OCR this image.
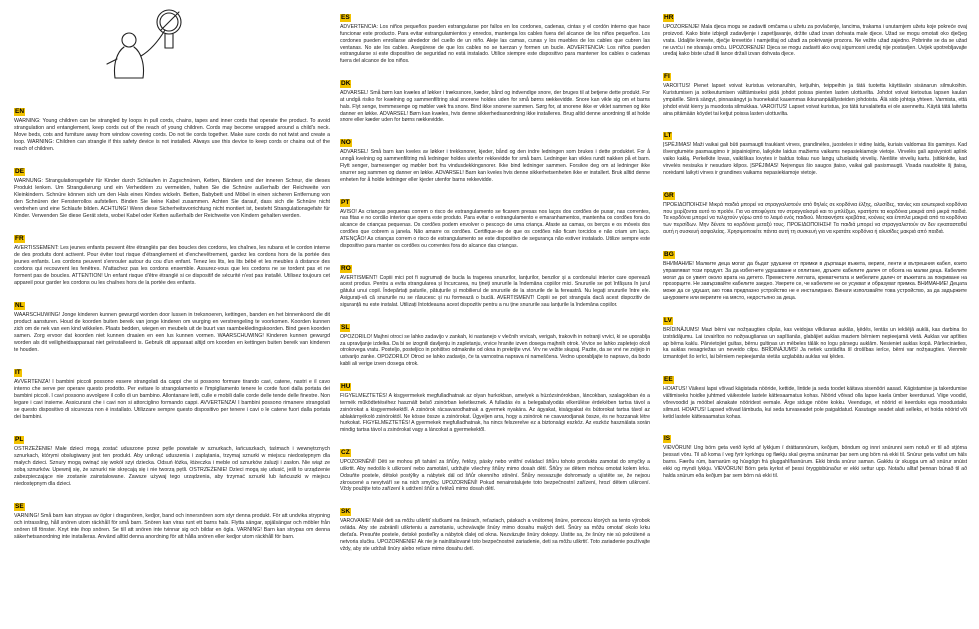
EN

WARNING: Young children can be strangled by loops in pull cords, chains, tapes and inner cords that operate the product. To avoid strangulation and entanglement, keep cords out of the reach of young children. Cords may become wrapped around a child's neck. Move beds, cots and furniture away from window covering cords. Do not tie cords together. Make sure cords do not twist and create a loop. WARNING: Children can strangle if this safety device is not installed. Always use this device to keep cords or chains out of the reach of children.

DE

WARNUNG: Strangulationsgefahr für Kinder durch Schlaufen in Zugschnüren, Ketten, Bändern und der inneren Schnur, die dieses Produkt lenken. Um Strangulierung und ein Verheddern zu vermeiden, halten Sie die Schnüre außerhalb der Reichweite von Kleinkindern. Schnüre können sich um den Hals eines Kindes wickeln. Betten, Babybett und Möbel in einen sicheren Entfernung von den Schnüren der Fensterrollos aufstellen. Binden Sie keine Kabel zusammen. Achten Sie darauf, dass sich die Schnüre nicht verdrehen und eine Schlaufe bilden. ACHTUNG! Wenn diese Sicherheitsvorrichtung nicht montiert ist, besteht Strangulationsgefahr für Kinder. Verwenden Sie diese Gerät stets, wobei Kabel oder Ketten außerhalb der Reichweite von Kindern gehalten werden.

FR

AVERTISSEMENT: Les jeunes enfants peuvent être étranglés par des boucles des cordons, les chaînes, les rubans et le cordon interne de des produits dont activent. Pour éviter tout risque d'étranglement et d'enchevêtrement, gardez les cordons hors de la portée des jeunes enfants. Les cordons peuvent s'enrouler autour du cou d'un enfant. Tenez les lits, les lits bébé et les meubles à distance des cordons qui recouvrent les fenêtres. N'attachez pas les cordons ensemble. Assurez-vous que les cordons ne se tordent pas et ne forment pas de boucles. ATTENTION! Un enfant risque d'être étranglé si ce dispositif de sécurité n'est pas installé. Utilisez toujours cet appareil pour garder les cordons ou les chaînes hors de la portée des enfants.

NL

WAARSCHUWING! Jonge kinderen kunnen gewurgd worden door lussen in treksnoeren, kettingen, banden en het binnenkoord die dit product aansturen. Houd de koorden buiten bereik van jonge kinderen om wurging en verstrengeling te voorkomen. Koorden kunnen zich om de nek van een kind wikkelen. Plaats bedden, wiegen en meubels uit de buurt van raambekledingskoorden. Bind geen koorden samen. Zorg ervoor dat koorden niet kunnen draaien en een lus kunnen vormen. WAARSCHUWING! Kinderen kunnen gewurgd worden als dit veiligheidsapparaat niet geïnstalleerd is. Gebruik dit apparaat altijd om koorden en kettingen buiten bereik van kinderen te houden.

IT

AVVERTENZA! I bambini piccoli possono essere strangolati da cappi che si possono formare tirando cavi, catene, nastri e il cavo interno che serve per operare questo prodotto. Per evitare lo strangolamento e l'impigliamento tenere le corde fuori dalla portata dei bambini piccoli. I cavi possono avvolgere il collo di un bambino. Allontanare letti, culle e mobili dalle corde delle tende delle finestre. Non legare i cavi insieme. Assicurarsi che i cavi non si attorciglino formando cappi. AVVERTENZA! I bambini possono rimanere strangolati se questo dispositivo di sicurezza non è installato. Utilizzare sempre questo dispositivo per tenere i cavi o le catene fuori dalla portata dei bambini.

PL

OSTRZEŻENIE! Małe dzieci mogą zostać uduszone przez pętle powstałe w sznurkach, łańcuszkach, taśmach i wewnętrznych sznurkach, którymi obsługiwany jest ten produkt. Aby uniknąć uduszenia i zaplątania, trzymaj sznurki w miejscu niedostępnym dla małych dzieci. Sznury mogą owinąć się wokół szyi dziecka. Odsuń łóżka, łóżeczka i meble od sznurków żaluzji i zasłon. Nie wiąż ze sobą sznurków. Upewnij się, że sznurki nie skręcają się i nie tworzą pętli. OSTRZEŻENIE! Dzieci mogą się udusić, jeśli to urządzenie zabezpieczające nie zostanie zainstalowane. Zawsze używaj tego urządzenia, aby trzymać sznurki lub łańcuszki w miejscu niedostępnym dla dzieci.

SE

VARNING! Små barn kan strypas av öglor i dragsnören, kedjor, band och innersnören som styr denna produkt. För att undvika strypning och intrassling, håll snören utom räckhåll för små barn. Snören kan viras runt ett barns hals. Flytta sängar, spjälsängar och möbler från snören till fönster. Knyt inte ihop snören. Se till att snören inte tvinnar sig och bildar en ögla. VARNING! Barn kan strypas om denna säkerhetsanordning inte installeras. Använd alltid denna anordning för att hålla snören eller kedjor utom räckhåll för barn.

ES

ADVERTENCIA: Los niños pequeños pueden estrangularse por fallos en los cordones, cadenas, cintas y el cordón interno que hace funcionar este producto. Para evitar estrangulamientos y enredos, mantenga los cables fuera del alcance de los niños pequeños. Los cordones pueden enrollarse alrededor del cuello de un niño. Aleje las camas, cunas y los muebles de los cables que cubren las ventanas. No ate los cables. Asegúrese de que los cables no se tuerzan y formen un bucle. ADVERTENCIA: Los niños pueden estrangularse si este dispositivo de seguridad no está instalado. Utilice siempre este dispositivo para mantener los cables o cadenas fuera del alcance de los niños.

DK

ADVARSEL! Små børn kan kvæles af løkker i trækssnore, kæder, bånd og indvendige snore, der bruges til at betjene dette produkt. For at undgå risiko for kvælning og sammenfiltring skal snorene holdes uden for små børns rækkevidde. Snore kan vikle sig om et barns hals. Flyt senge, tremmesenge og møbler væk fra snore. Bind ikke snorene sammen. Sørg for, at snorene ikke er viklet sammen og ikke danner en løkke. ADVARSEL! Børn kan kvæles, hvis denne sikkerhedsanordning ikke installeres. Brug altid denne anordning til at holde snore eller kæder uden for børns rækkevidde.

NO

ADVARSEL! Små barn kan kveles av løkker i trekksnorer, kjeder, bånd og den indre ledningen som brukes i dette produktet. For å unngå kvelning og sammenfiltring må ledninger holdes utenfor rekkevidde for små barn. Ledninger kan vikles rundt nakken på et barn. Flytt senger, barnesenger og møbler bort fra vindusdekkingsnorer. Ikke bind ledninger sammen. Forsikre deg om at ledninger ikke snurrer seg sammen og danner en løkke. ADVARSEL! Barn kan kveles hvis denne sikkerhetsenheten ikke er installert. Bruk alltid denne enheten for å holde ledninger eller kjeder utenfor barns rekkevidde.

PT

AVISO! As crianças pequenas correm o risco de estrangulamento se ficarem presas nos laços dos cordões de puxar, nas correntes, nas fitas e no cordão interior que opera este produto. Para evitar o estrangulamento e emaranhamentos, mantenha os cordões fora do alcance de crianças pequenas. Os cordões podem envolver o pescoço de uma criança. Afaste as camas, os berços e os móveis dos cordões que cobrem a janela. Não amarre os cordões. Certifique-se de que os cordões não ficam torcidos e não criam um laço. ATENÇÃO! As crianças correm o risco de estrangulamento se este dispositivo de segurança não estiver instalado. Utilize sempre este dispositivo para manter os cordões ou correntes fora do alcance das crianças.

RO

AVERTISMENT! Copiii mici pot fi sugrumați de bucla la tragerea snururilor, lanțurilor, benzilor și a cordonului interior care operează acest produs. Pentru a evita strangularea și încurcarea, nu țineți snururile la îndemâna copiilor mici. Snururile se pot înfășura în jurul gâtului unui copil. Îndepărtați paturile, pătuțurile și mobilierul de snururile de la storurile de la fereastră. Nu legați snururile între ele. Asigurați-vă că snururile nu se răsucesc și nu formează o buclă. AVERTISMENT! Copiii se pot strangula dacă acest dispozitiv de siguranță nu este instalat. Utilizați întotdeauna acest dispozitiv pentru a nu ține snururile sau lanțurile la îndemâna copiilor.

SL

OPOZORILO! Majhni otroci se lahko zadavijo v zankah, ki nastanejo v vlečnih vrvicah, verigah, trakovih in notranji vrvici, ki se uporablja za upravljanje izdelka. Da bi se izognili davljenju in zapletanju, vrvice hranite izven dosega majhnih otrok. Vrvice se lahko zapletejo okoli otrokovega vratu. Posteljo, posteljico in pohištvo odmaknite od okna in prekrijte vrvi. Vrv ne vežite skupaj. Pazite, da se vrvi ne zvijejo in ustvarijo zanke. OPOZORILO! Otroci se lahko zadavijo, če ta varnostna naprava ni nameščena. Vedno uporabljajte to napravo, da bodo kabli ali verige izven dosega otrok.

HU

FIGYELMEZTETÉS! A kisgyermekek megfulladhatnak az olyan hurkokban, amelyek a húzózsinórokban, láncokban, szalagokban és a termék működtetéséhez használt belső zsinórban keletkeznek. A fulladás és a belegabalyodás elkerülése érdekében tartsa távol a zsinórokat a kisgyermekektől. A zsinórok rácsavarodhatnak a gyermek nyakára. Az ágyakat, kiságyakat és bútorokat tartsa távol az ablakárnyékoló zsinóroktól. Ne kösse össze a zsinórokat. Ügyeljen arra, hogy a zsinórok ne csavarodjanak össze, és ne hozzanak létre hurkokat. FIGYELMEZTETÉS! A gyermekek megfulladhatnak, ha nincs felszerelve ez a biztonsági eszköz. Az eszköz használata során mindig tartsa távol a zsinórokat vagy a láncokat a gyermekektől.

CZ

UPOZORNĚNÍ! Děti se mohou při tahání za šňůry, řetězy, pásky nebo vnitřní ovládací šňůru tohoto produktu zamotat do smyčky a uškrtit. Aby nedošlo k uškrcení nebo zamotání, udržujte všechny šňůry mimo dosah dětí. Šňůry se dětem mohou omotat kolem krku. Odsuňte postele, dětské postýlky a nábytek dál od šňůr okenního stínění. Šňůry nesvazujte dohromady a ujistěte se, že nejsou zkroucené a nevytváří se na nich smyčky. UPOZORNĚNÍ! Pokud nenainstalujete toto bezpečnostní zařízení, hrozí dětem uškrcení. Vždy použijte toto zařízení k udržení šňůr a řetězů mimo dosah dětí.

SK

VAROVANIE! Malé deti sa môžu uškrtiť slučkami na šnúrach, reťaziach, páskach a vnútornej šnúre, pomocou ktorých sa tento výrobok ovláda. Aby ste zabránili uškrteniu a zamotaniu, uchovávajte šnúry mimo dosahu malých detí. Šnúry sa môžu omotať okolo krku dieťaťa. Presuňte postele, detské postieľky a nábytok ďalej od okna. Nezväzujte šnúry dokopy. Uistite sa, že šnúry nie sú pokrútené a netvoria slučku. UPOZORNENIE! Ak nie je nainštalované toto bezpečnostné zariadenie, deti sa môžu uškrtiť. Toto zariadenie používajte vždy, aby ste udržali šnúry alebo reťaze mimo dosahu detí.

HR

UPOZORENJE! Mala djeca mogu se zadaviti omčama u užetu za povlačenje, lancima, trakama i unutarnjem užetu koje pokreće ovaj proizvod. Kako biste izbjegli zadavljenje i zapetljavanje, držite užad izvan dohvata male djece. Užad se mogu omotati oko dječjeg vrata. Udaljite krevete, dječje krevetiće i namještaj od užadi za pokrivanje prozora. Ne vežite užad zajedno. Pobrinite se da se užad ne uvrću i ne stvaraju omču. UPOZORENJE! Djeca se mogu zadaviti ako ovaj sigurnosni uređaj nije postavljen. Uvijek upotrebljavajte uređaj kako biste užad ili lance držali izvan dohvata djece.

FI

VAROITUS! Pienet lapset voivat kuristua vetonaruihin, ketjuihin, teippeihin ja tätä tuotetta käyttävän sisänarun silmukoihin. Kuristumisen ja sotkeutumisen välttämiseksi pidä johdot poissa pienten lasten ulottuvilta. Johdot voivat kietoutua lapsen kaulan ympärille. Siirrä sängyt, pinnasängyt ja huonekalut kauemmas ikkunanpäällysteiden johdoista. Älä sido johtoja yhteen. Varmista, että johdot eivät kierry ja muodosta silmukkaa. VAROITUS! Lapset voivat kuristua, jos tätä turvalaitetta ei ole asennettu. Käytä tätä laitetta aina pitämään köydet tai ketjut poissa lasten ulottuvilta.

LT

ĮSPĖJIMAS! Maži vaikai gali būti pasmaugti traukiant virves, grandinėles, juosteles ir vidinę laidą, kuriais valdomas šis gaminys. Kad išvengtumėte pasmaugimo ir įsipainiojimo, laikykite laidus mažiems vaikams nepasiekiamoje vietoje. Virvelės gali apsivynioti aplink vaiko kaklą. Perkelkite lovas, vaikiškas lovytes ir baldus toliau nuo langų užuolaidų virvelių. Nerišite virvelių kartu. Įsitikinkite, kad virvelės nesisuka ir nesudaro kilpos. ĮSPĖJIMAS! Neįrengus šio saugos įtaiso, vaikai gali pasismaugti. Visada naudokite šį įtaisą, norėdami laikyti virves ir grandines vaikams nepasiekiamoje vietoje.

GR

ΠΡΟΕΙΔΟΠΟΙΗΣΗ! Μικρά παιδιά μπορεί να στραγγαλιστούν από θηλιές σε κορδόνια έλξης, αλυσίδες, ταινίες και εσωτερικά κορδόνια που χειρίζονται αυτό το προϊόν. Για να αποφύγετε τον στραγγαλισμό και το μπλέξιμο, κρατήστε τα κορδόνια μακριά από μικρά παιδιά. Τα κορδόνια μπορεί να τυλιχτούν γύρω από το λαιμό ενός παιδιού. Μετακινήστε κρεβάτια, κούνιες και έπιπλα μακριά από τα κορδόνια των περσίδων. Μην δένετε τα κορδόνια μεταξύ τους. ΠΡΟΕΙΔΟΠΟΙΗΣΗ! Τα παιδιά μπορεί να στραγγαλιστούν αν δεν εγκατασταθεί αυτή η συσκευή ασφαλείας. Χρησιμοποιείτε πάντα αυτή τη συσκευή για να κρατάτε κορδόνια ή αλυσίδες μακριά από παιδιά.

BG

ВНИМАНИЕ! Малките деца могат да бъдат удушени от примки в дърпащи въжета, вериги, ленти и вътрешния кабел, които управляват този продукт. За да избегнете удушаване и оплитане, дръжте кабелите далеч от обсега на малки деца. Кабелите могат да се увият около врата на детето. Преместете леглата, креватчетата и мебелите далеч от въжетата за покриване на прозорците. Не завързвайте кабелите заедно. Уверете се, че кабелите не се усукват и образуват примка. ВНИМАНИЕ! Децата може да се удушат, ако това предпазно устройство не е инсталирано. Винаги използвайте това устройство, за да задържите шнуровете или веригите на място, недостъпно за деца.

LV

BRĪDINĀJUMS! Mazi bērni var nožņaugties cilpās, kas veidojas vilkšanas auklās, ķēdēs, lentās un iekšējā auklā, kas darbina šo izstrādājumu. Lai izvairītos no nožņaugšanas un sapīšanās, glabājiet auklas maziem bērniem nepieejamā vietā. Auklas var aptīties ap bērna kaklu. Pārvietojiet gultas, bērnu gultiņas un mēbeles tālāk no logu pārsegu auklām. Nesieniet auklas kopā. Pārliecinieties, ka auklas nesagriežas un neveido cilpu. BRĪDINĀJUMS! Ja netiek uzstādīta šī drošības ierīce, bērni var nožņaugties. Vienmēr izmantojiet šo ierīci, lai bērniem nepieejamās vietās uzglabātu auklas vai ķēdes.

EE

HOIATUS! Väikesi lapsi võivad kägistada nööride, kettide, lintide ja seda toodet käitava sisenööri aasad. Kägistamise ja takerdumise vältimiseks hoidke juhtmed väikestele lastele kättesaamatus kohas. Nöörid võivad olla lapse kaela ümber keerdunud. Viige voodid, võrevoodid ja mööbel aknakate nööridest eemale. Ärge siduge nööre kokku. Veenduge, et nöörid ei keerduks ega moodustaks silmust. HOIATUS! Lapsed võivad lämbuda, kui seda turvaseadet pole paigaldatud. Kasutage seadet alati selleks, et hoida nöörid või ketid lastele kättesaamatus kohas.

IS

VIÐVÖRUN! Ung börn geta verið kyrkt af lykkjum í dráttarsnúrum, keðjum, böndum og innri snúrunni sem notuð er til að stjórna þessari vöru. Til að koma í veg fyrir kyrkingu og flækju skal geyma snúrurnar þar sem ung börn ná ekki til. Snúrur geta vafist um háls barns. Færðu rúm, barnarúm og húsgögn frá gluggahlífasnúrum. Ekki binda snúrur saman. Gakktu úr skugga um að snúrur snúist ekki og myndi lykkju. VIÐVÖRUN! Börn geta kyrkst ef þessi öryggisbúnaður er ekki settur upp. Notaðu alltaf þennan búnað til að halda snúrum eða keðjum þar sem börn ná ekki til.
